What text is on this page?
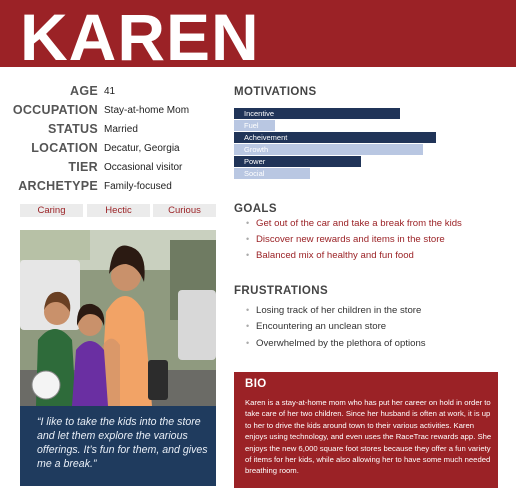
KAREN
AGE 41
OCCUPATION Stay-at-home Mom
STATUS Married
LOCATION Decatur, Georgia
TIER Occasional visitor
ARCHETYPE Family-focused
Caring	Hectic	Curious
“I like to take the kids into the store and let them explore the various offerings. It’s fun for them, and gives me a break.”
MOTIVATIONS
Incentive
Fuel
Acheivement
Growth
Power
Social
GOALS
• Get out of the car and take a break from the kids
• Discover new rewards and items in the store
• Balanced mix of healthy and fun food
FRUSTRATIONS
• Losing track of her children in the store
• Encountering an unclean store
• Overwhelmed by the plethora of options
BIO
Karen is a stay-at-home mom who has put her career on hold in order to take care of her two children. Since her husband is often at work, it is up to her to drive the kids around town to their various activities. Karen enjoys using technology, and even uses the RaceTrac rewards app. She enjoys the new 6,000 square foot stores because they offer a fun variety of items for her kids, while also allowing her to have some much needed breathing room.
